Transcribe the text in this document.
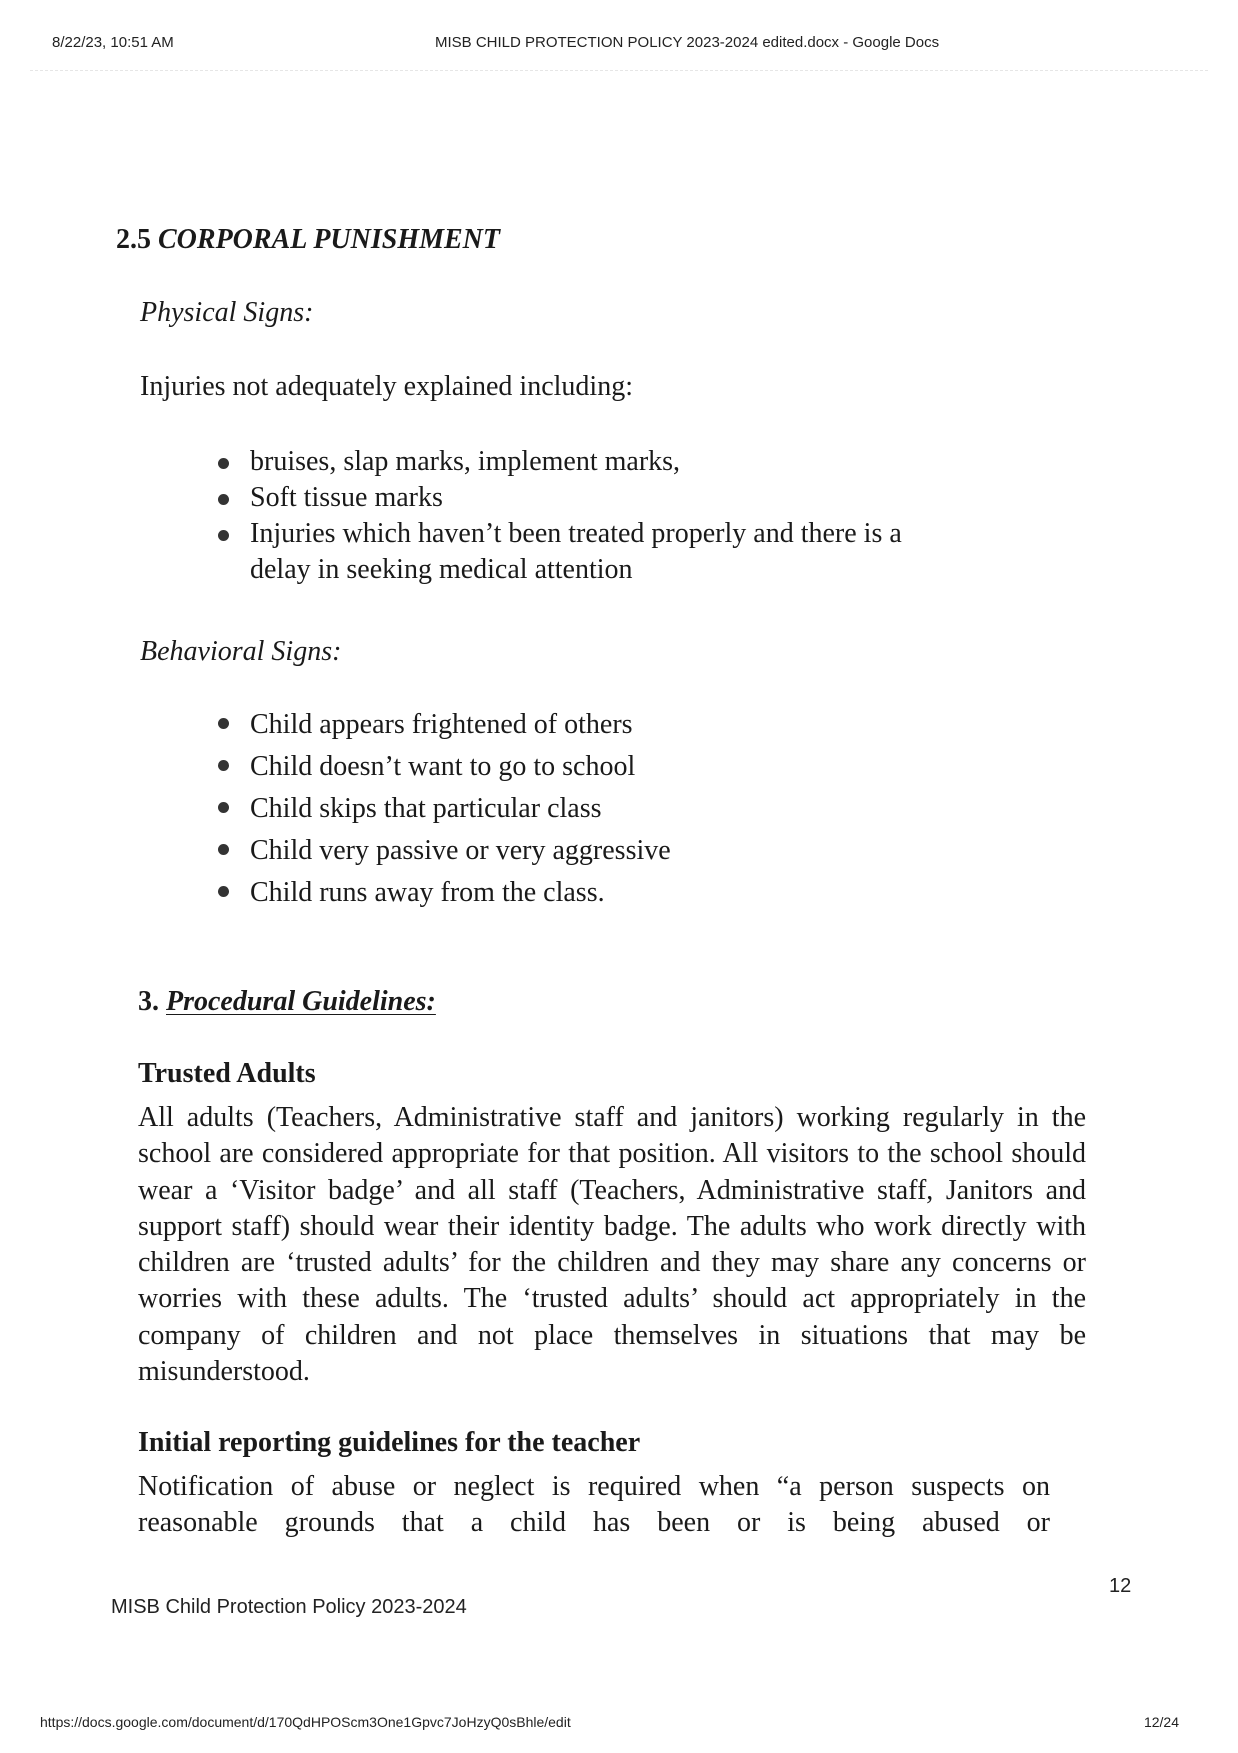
8/22/23, 10:51 AM	MISB CHILD PROTECTION POLICY 2023-2024 edited.docx - Google Docs
2.5 CORPORAL PUNISHMENT
Physical Signs:
Injuries not adequately explained including:
bruises, slap marks, implement marks,
Soft tissue marks
Injuries which haven’t been treated properly and there is a
delay in seeking medical attention
Behavioral Signs:
Child appears frightened of others
Child doesn’t want to go to school
Child skips that particular class
Child very passive or very aggressive
Child runs away from the class.
3. Procedural Guidelines:
Trusted Adults

All adults (Teachers, Administrative staff and janitors) working regularly in the school are considered appropriate for that position. All visitors to the school should wear a ‘Visitor badge’ and all staff (Teachers, Administrative staff, Janitors and support staff) should wear their identity badge. The adults who work directly with children are ‘trusted adults’ for the children and they may share any concerns or worries with these adults. The ‘trusted adults’ should act appropriately in the company of children and not place themselves in situations that may be misunderstood.

Initial reporting guidelines for the teacher

Notification of abuse or neglect is required when “a person suspects on reasonable grounds that a child has been or is being abused or

12
MISB Child Protection Policy 2023-2024
https://docs.google.com/document/d/170QdHPOScm3One1Gpvc7JoHzyQ0sBhle/edit	12/24
